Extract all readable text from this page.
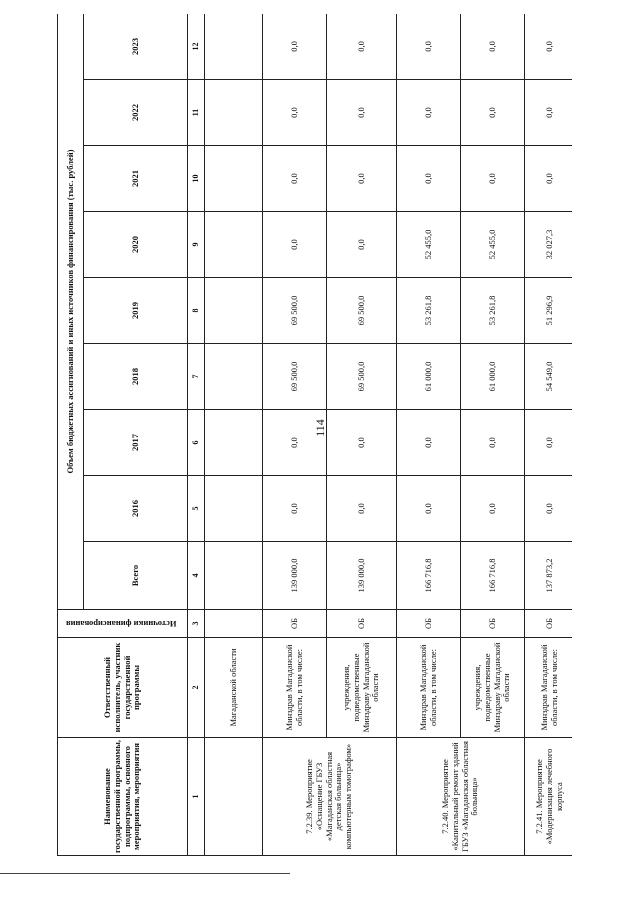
114
Наименование государственной программы, подпрограммы, основного мероприятия, мероприятия	Ответственный исполнитель, участник государственной программы	Источники финансирования	Объем бюджетных ассигнований и иных источников финансирования (тыс. рублей)								
			Всего	2016	2017	2018	2019	2020	2021	2022	2023
1	2	3	4	5	6	7	8	9	10	11	12
	Магаданской области										
7.2.39. Мероприятие «Оснащение ГБУЗ «Магаданская областная детская больница» компьютерным томографом»	Минздрав Магаданской области, в том числе:	ОБ	139 000,0	0,0	0,0	69 500,0	69 500,0	0,0	0,0	0,0	0,0
	учреждения, подведомственные Минздраву Магаданской области	ОБ	139 000,0	0,0	0,0	69 500,0	69 500,0	0,0	0,0	0,0	0,0
7.2.40. Мероприятие «Капитальный ремонт зданий ГБУЗ «Магаданская областная больница»	Минздрав Магаданской области, в том числе:	ОБ	166 716,8	0,0	0,0	61 000,0	53 261,8	52 455,0	0,0	0,0	0,0
	учреждения, подведомственные Минздраву Магаданской области	ОБ	166 716,8	0,0	0,0	61 000,0	53 261,8	52 455,0	0,0	0,0	0,0
7.2.41. Мероприятие «Модернизация лечебного корпуса	Минздрав Магаданской области, в том числе:	ОБ	137 873,2	0,0	0,0	54 549,0	51 296,9	32 027,3	0,0	0,0	0,0
